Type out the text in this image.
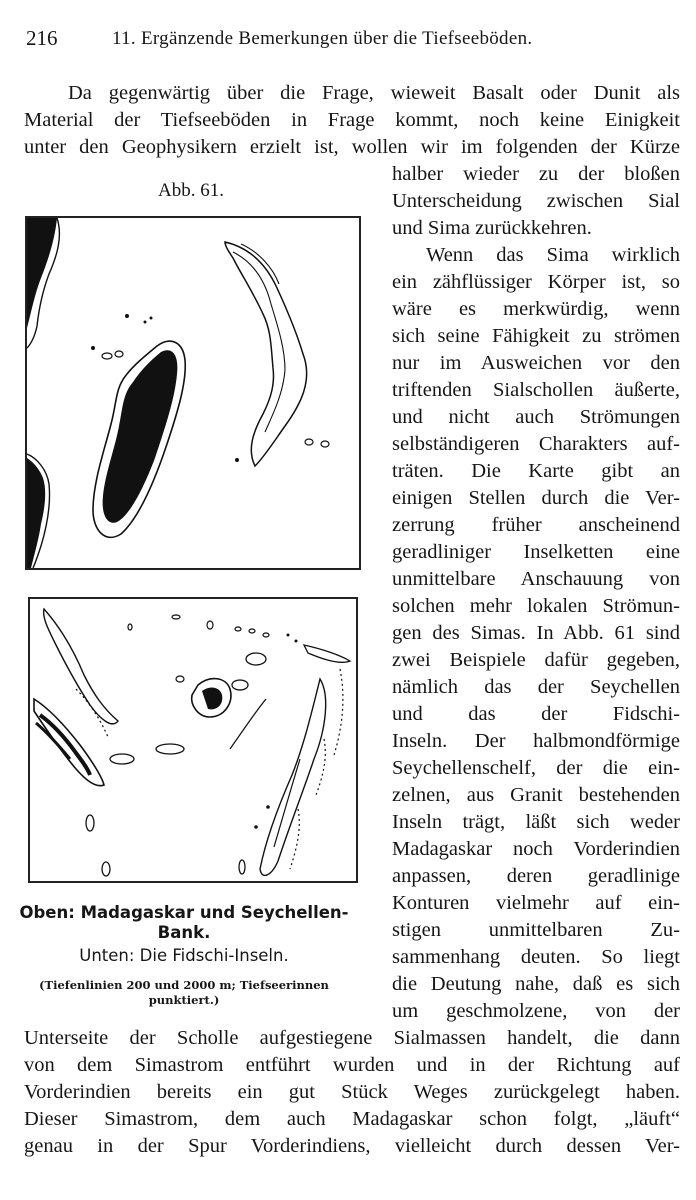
216	11. Ergänzende Bemerkungen über die Tiefseeböden.
Da gegenwärtig über die Frage, wieweit Basalt oder Dunit als
Material der Tiefseeböden in Frage kommt, noch keine Einigkeit
unter den Geophysikern erzielt ist, wollen wir im folgenden der Kürze
halber wieder zu der bloßen
Unterscheidung zwischen Sial
und Sima zurückkehren.
Wenn das Sima wirklich
ein zähflüssiger Körper ist, so
wäre es merkwürdig, wenn
sich seine Fähigkeit zu strömen
nur im Ausweichen vor den
triftenden Sialschollen äußerte,
und nicht auch Strömungen
selbständigeren Charakters auf-
träten. Die Karte gibt an
einigen Stellen durch die Ver-
zerrung früher anscheinend
geradliniger Inselketten eine
unmittelbare Anschauung von
solchen mehr lokalen Strömun-
gen des Simas. In Abb. 61 sind
zwei Beispiele dafür gegeben,
nämlich das der Seychellen
und das der Fidschi-
Inseln. Der halbmondförmige
Seychellenschelf, der die ein-
zelnen, aus Granit bestehenden
Inseln trägt, läßt sich weder
Madagaskar noch Vorderindien
anpassen, deren geradlinige
Konturen vielmehr auf ein-
stigen unmittelbaren Zu-
sammenhang deuten. So liegt
die Deutung nahe, daß es sich
um geschmolzene, von der
Unterseite der Scholle aufgestiegene Sialmassen handelt, die dann
von dem Simastrom entführt wurden und in der Richtung auf
Vorderindien bereits ein gut Stück Weges zurückgelegt haben.
Dieser Simastrom, dem auch Madagaskar schon folgt, „läuft“
genau in der Spur Vorderindiens, vielleicht durch dessen Ver-
Abb. 61.
Oben: Madagaskar und Seychellen-
Bank.
Unten: Die Fidschi-Inseln.
(Tiefenlinien 200 und 2000 m; Tiefseerinnen
punktiert.)
